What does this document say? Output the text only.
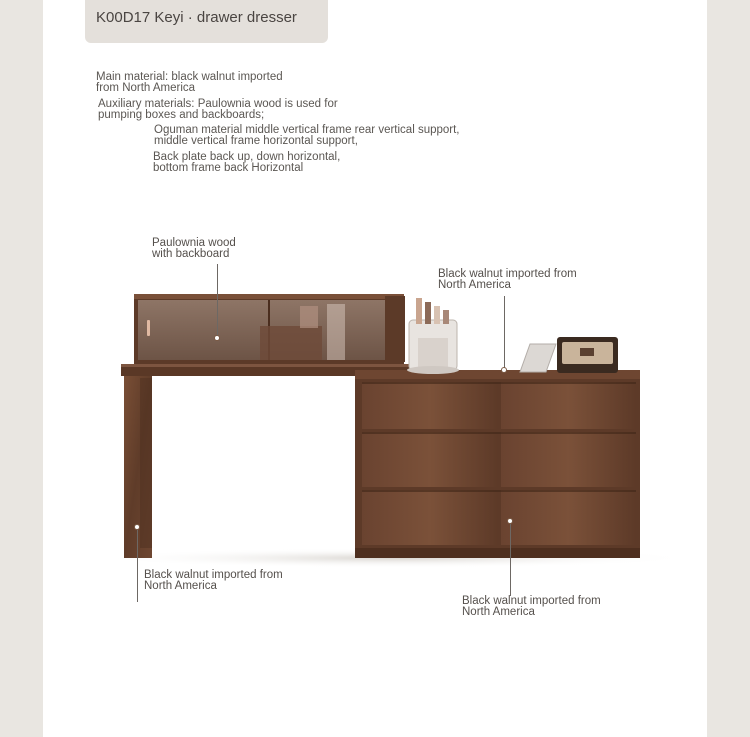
K00D17 Keyi · drawer dresser
Main material: black walnut imported
from North America
Auxiliary materials: Paulownia wood is used for
pumping boxes and backboards;
Oguman material middle vertical frame rear vertical support,
middle vertical frame horizontal support,
Back plate back up, down horizontal,
bottom frame back Horizontal
Paulownia wood
with backboard
Black walnut imported from
North America
Black walnut imported from
North America
Black walnut imported from
North America
